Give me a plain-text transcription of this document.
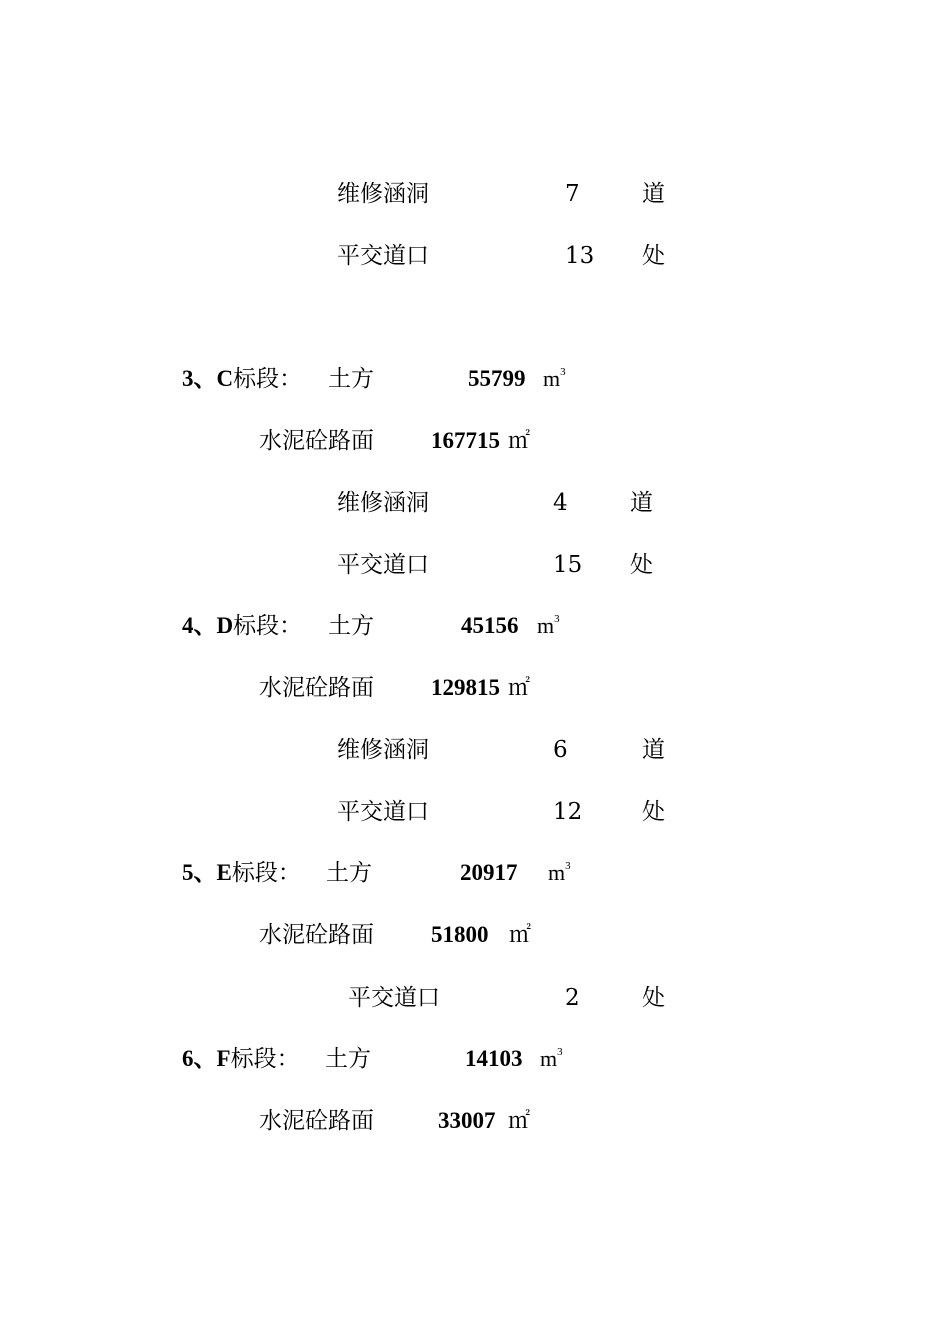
维修涵洞	7	道
平交道口	13 处
3、C标段： 土方	55799 $m^3$
水泥砼路面 167715 ㎡
维修涵洞	4	道
平交道口	15 处
4、D标段： 土方	45156 $m^3$
水泥砼路面 129815 ㎡
维修涵洞	6	道
平交道口	12	处
5、E标段： 土方	20917 $m^3$
水泥砼路面 51800 ㎡
平交道口	2	处
6、F标段： 土方	14103 $m^3$
水泥砼路面	33007 ㎡
